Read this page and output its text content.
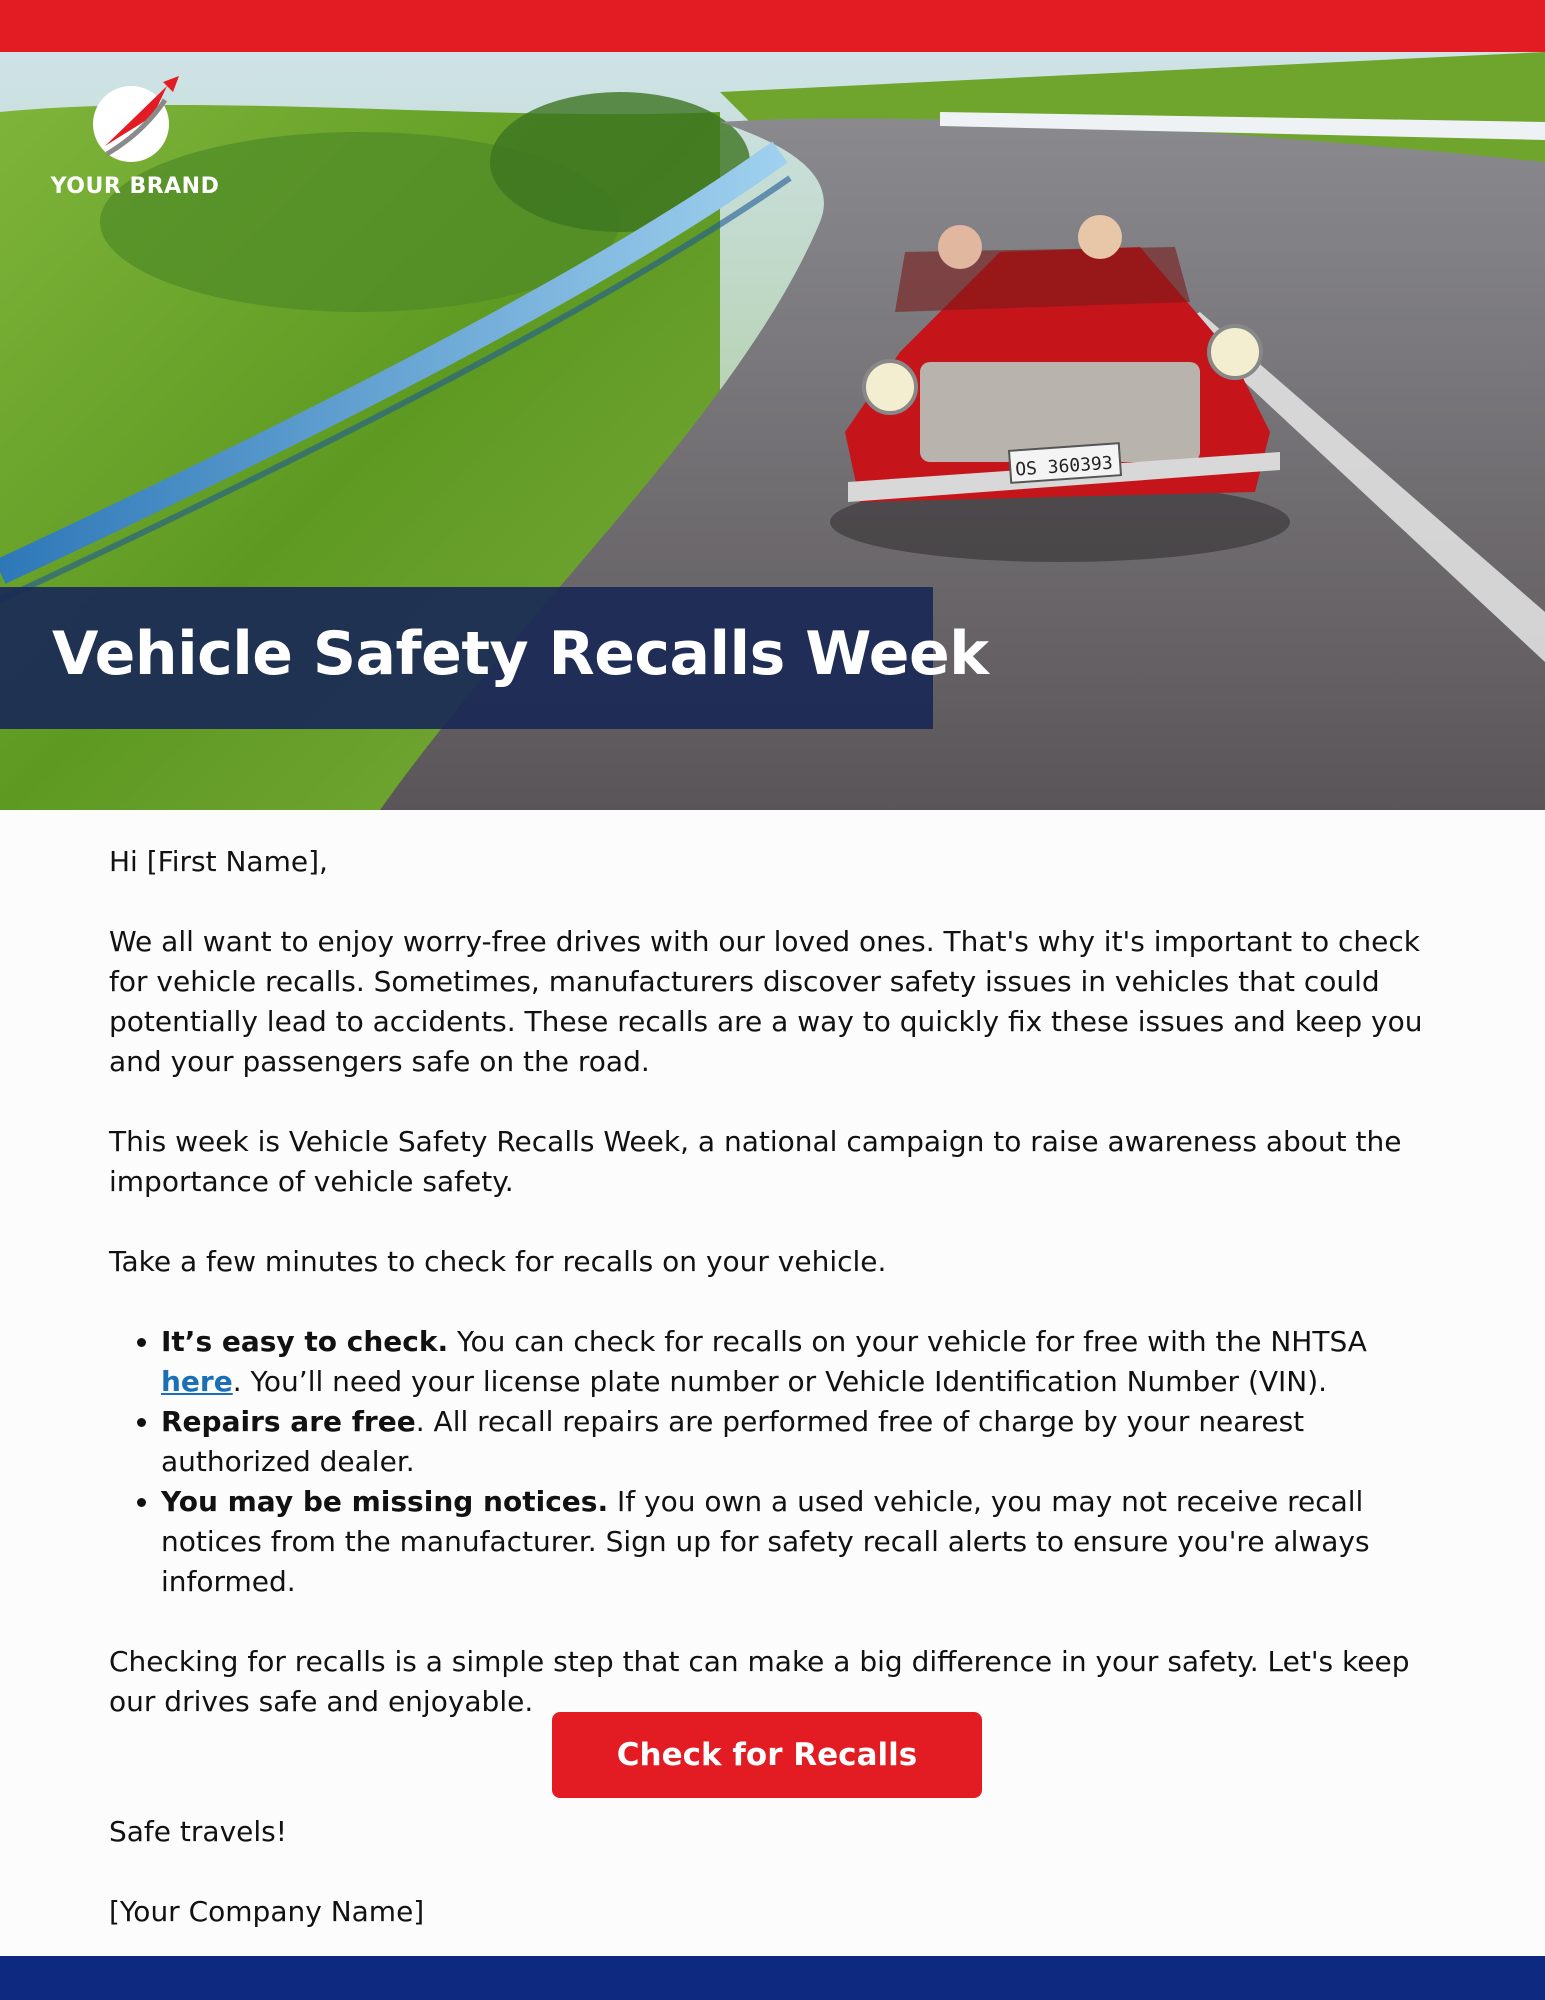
OS 360393
YOUR BRAND
Vehicle Safety Recalls Week

Hi [First Name],

We all want to enjoy worry-free drives with our loved ones. That's why it's important to check for vehicle recalls. Sometimes, manufacturers discover safety issues in vehicles that could potentially lead to accidents. These recalls are a way to quickly fix these issues and keep you and your passengers safe on the road.

This week is Vehicle Safety Recalls Week, a national campaign to raise awareness about the importance of vehicle safety.

Take a few minutes to check for recalls on your vehicle.

• It’s easy to check. You can check for recalls on your vehicle for free with the NHTSA here. You’ll need your license plate number or Vehicle Identification Number (VIN).
• Repairs are free. All recall repairs are performed free of charge by your nearest authorized dealer.
• You may be missing notices. If you own a used vehicle, you may not receive recall notices from the manufacturer. Sign up for safety recall alerts to ensure you're always informed.

Checking for recalls is a simple step that can make a big difference in your safety. Let's keep our drives safe and enjoyable.

Check for Recalls
Safe travels!
[Your Company Name]
